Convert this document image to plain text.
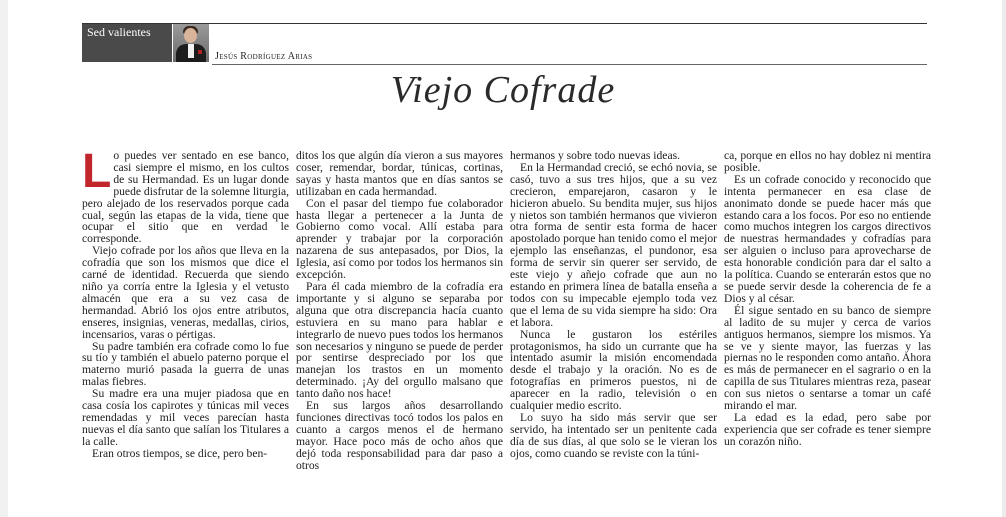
Sed valientes
Jesús Rodríguez Arias
Viejo Cofrade

Lo puedes ver sentado en ese banco, casi siempre el mismo, en los cultos de su Hermandad. Es un lugar donde puede disfrutar de la solemne liturgia, pero alejado de los reservados porque cada cual, según las etapas de la vida, tiene que ocupar el sitio que en verdad le corresponde.

Viejo cofrade por los años que lleva en la cofradía que son los mismos que dice el carné de identidad. Recuerda que siendo niño ya corría entre la Iglesia y el vetusto almacén que era a su vez casa de hermandad. Abrió los ojos entre atributos, enseres, insignias, veneras, medallas, cirios, incensarios, varas o pértigas.

Su padre también era cofrade como lo fue su tío y también el abuelo paterno porque el materno murió pasada la guerra de unas malas fiebres.

Su madre era una mujer piadosa que en casa cosía los capirotes y túnicas mil veces remendadas y mil veces parecían hasta nuevas el día santo que salían los Titulares a la calle.

Eran otros tiempos, se dice, pero ben-

ditos los que algún día vieron a sus mayores coser, remendar, bordar, túnicas, cortinas, sayas y hasta mantos que en días santos se utilizaban en cada hermandad.

Con el pasar del tiempo fue colaborador hasta llegar a pertenecer a la Junta de Gobierno como vocal. Allí estaba para aprender y trabajar por la corporación nazarena de sus antepasados, por Dios, la Iglesia, así como por todos los hermanos sin excepción.

Para él cada miembro de la cofradía era importante y si alguno se separaba por alguna que otra discrepancia hacía cuanto estuviera en su mano para hablar e integrarlo de nuevo pues todos los hermanos son necesarios y ninguno se puede de perder por sentirse despreciado por los que manejan los trastos en un momento determinado. ¡Ay del orgullo malsano que tanto daño nos hace!

En sus largos años desarrollando funciones directivas tocó todos los palos en cuanto a cargos menos el de hermano mayor. Hace poco más de ocho años que dejó toda responsabilidad para dar paso a otros

hermanos y sobre todo nuevas ideas.

En la Hermandad creció, se echó novia, se casó, tuvo a sus tres hijos, que a su vez crecieron, emparejaron, casaron y le hicieron abuelo. Su bendita mujer, sus hijos y nietos son también hermanos que vivieron otra forma de sentir esta forma de hacer apostolado porque han tenido como el mejor ejemplo las enseñanzas, el pundonor, esa forma de servir sin querer ser servido, de este viejo y añejo cofrade que aun no estando en primera línea de batalla enseña a todos con su impecable ejemplo toda vez que el lema de su vida siempre ha sido: Ora et labora.

Nunca le gustaron los estériles protagonismos, ha sido un currante que ha intentado asumir la misión encomendada desde el trabajo y la oración. No es de fotografías en primeros puestos, ni de aparecer en la radio, televisión o en cualquier medio escrito.

Lo suyo ha sido más servir que ser servido, ha intentado ser un penitente cada día de sus días, al que solo se le vieran los ojos, como cuando se reviste con la túni-

ca, porque en ellos no hay doblez ni mentira posible.

Es un cofrade conocido y reconocido que intenta permanecer en esa clase de anonimato donde se puede hacer más que estando cara a los focos. Por eso no entiende como muchos integren los cargos directivos de nuestras hermandades y cofradías para ser alguien o incluso para aprovecharse de esta honorable condición para dar el salto a la política. Cuando se enterarán estos que no se puede servir desde la coherencia de fe a Dios y al césar.

Él sigue sentado en su banco de siempre al ladito de su mujer y cerca de varios antiguos hermanos, siempre los mismos. Ya se ve y siente mayor, las fuerzas y las piernas no le responden como antaño. Ahora es más de permanecer en el sagrario o en la capilla de sus Titulares mientras reza, pasear con sus nietos o sentarse a tomar un café mirando el mar.

La edad es la edad, pero sabe por experiencia que ser cofrade es tener siempre un corazón niño.
